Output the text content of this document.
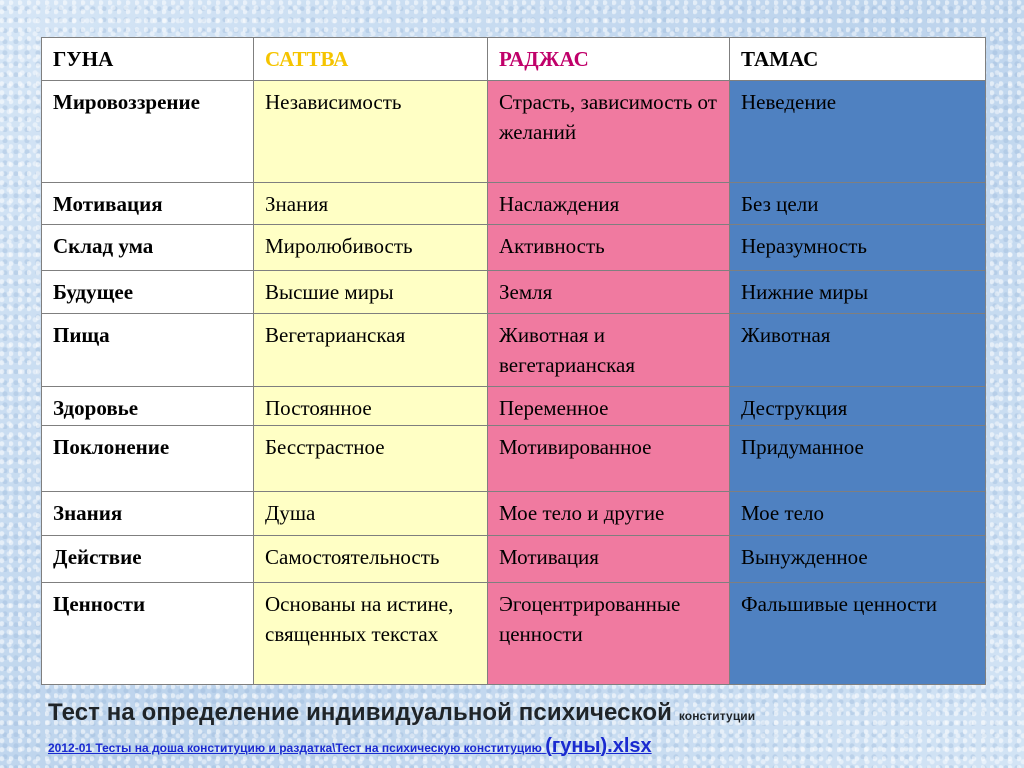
ГУНА	САТТВА	РАДЖАС	ТАМАС
Мировоззрение	Независимость	Страсть, зависимость от желаний	Неведение
Мотивация	Знания	Наслаждения	Без цели
Склад ума	Миролюбивость	Активность	Неразумность
Будущее	Высшие миры	Земля	Нижние миры
Пища	Вегетарианская	Животная и вегетарианская	Животная
Здоровье	Постоянное	Переменное	Деструкция
Поклонение	Бесстрастное	Мотивированное	Придуманное
Знания	Душа	Мое тело и другие	Мое тело
Действие	Самостоятельность	Мотивация	Вынужденное
Ценности	Основаны на истине, священных текстах	Эгоцентрированные ценности	Фальшивые ценности
Тест на определение индивидуальной психической конституции
2012-01 Тесты на доша конституцию и раздатка\Тест на психическую конституцию (гуны).xlsx
